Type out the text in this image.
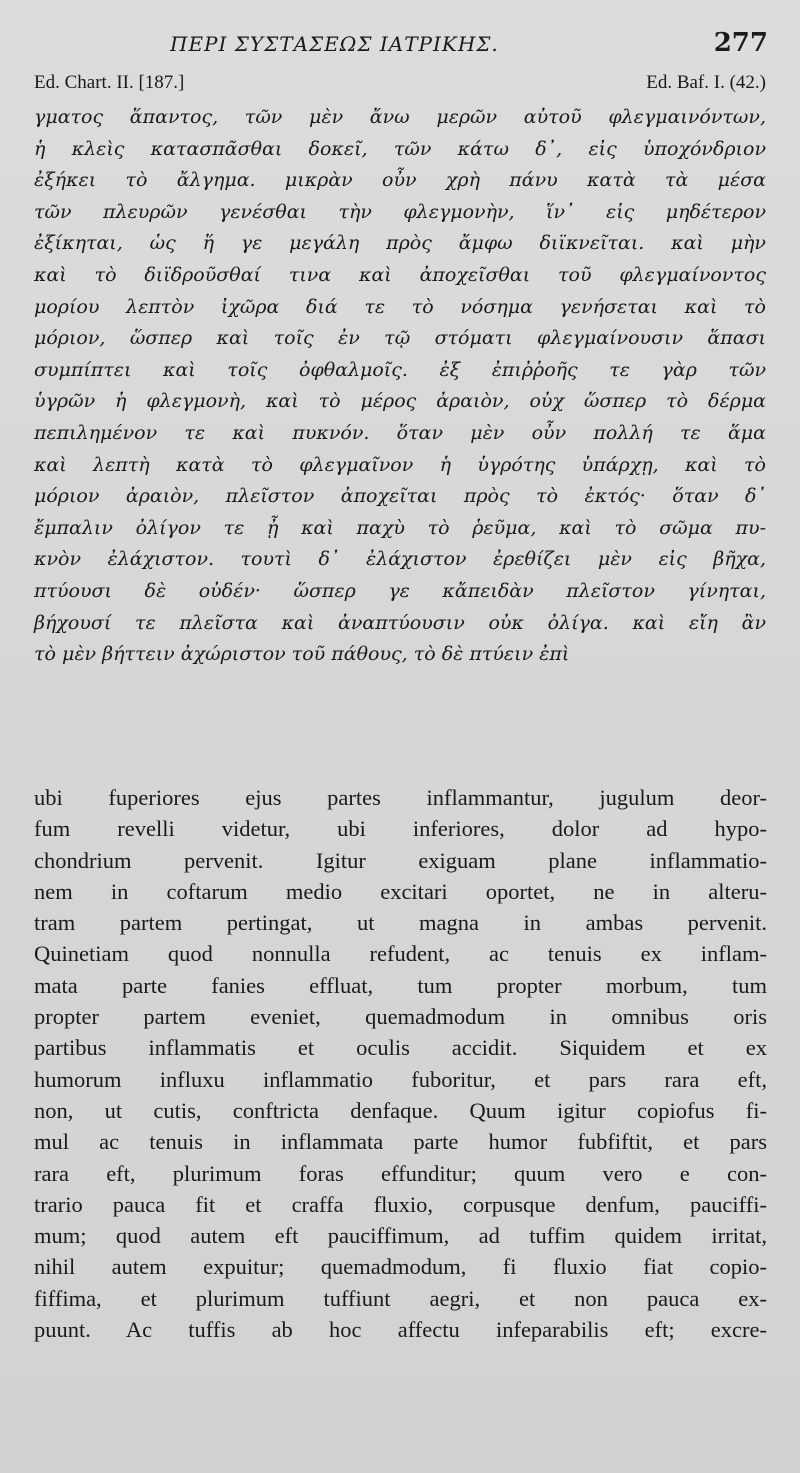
ΠΕΡΙ ΣΥΣΤΑΣΕΩΣ ΙΑΤΡΙΚΗΣ.	277
Ed. Chart. II. [187.]	Ed. Baf. I. (42.)
γματος ἅπαντος, τῶν μὲν ἄνω μερῶν αὐτοῦ φλεγμαινόντων,
ἡ κλεὶς κατασπᾶσθαι δοκεῖ, τῶν κάτω δ᾽, εἰς ὑποχόνδριον
ἐξήκει τὸ ἄλγημα. μικρὰν οὖν χρὴ πάνυ κατὰ τὰ μέσα
τῶν πλευρῶν γενέσθαι τὴν φλεγμονὴν, ἵν᾽ εἰς μηδέτερον
ἐξίκηται, ὡς ἥ γε μεγάλη πρὸς ἄμφω διϊκνεῖται. καὶ μὴν
καὶ τὸ διϊδροῦσθαί τινα καὶ ἀποχεῖσθαι τοῦ φλεγμαίνοντος
μορίου λεπτὸν ἰχῶρα διά τε τὸ νόσημα γενήσεται καὶ τὸ
μόριον, ὥσπερ καὶ τοῖς ἐν τῷ στόματι φλεγμαίνουσιν ἅπασι
συμπίπτει καὶ τοῖς ὀφθαλμοῖς. ἐξ ἐπιῤῥοῆς τε γὰρ τῶν
ὑγρῶν ἡ φλεγμονὴ, καὶ τὸ μέρος ἀραιὸν, οὐχ ὥσπερ τὸ δέρμα
πεπιλημένον τε καὶ πυκνόν. ὅταν μὲν οὖν πολλή τε ἅμα
καὶ λεπτὴ κατὰ τὸ φλεγμαῖνον ἡ ὑγρότης ὑπάρχῃ, καὶ τὸ
μόριον ἀραιὸν, πλεῖστον ἀποχεῖται πρὸς τὸ ἐκτός· ὅταν δ᾽
ἔμπαλιν ὀλίγον τε ᾖ καὶ παχὺ τὸ ῥεῦμα, καὶ τὸ σῶμα πυ-
κνὸν ἐλάχιστον. τουτὶ δ᾽ ἐλάχιστον ἐρεθίζει μὲν εἰς βῆχα,
πτύουσι δὲ οὐδέν· ὥσπερ γε κἄπειδὰν πλεῖστον γίνηται,
βήχουσί τε πλεῖστα καὶ ἀναπτύουσιν οὐκ ὀλίγα. καὶ εἴη ἂν
τὸ μὲν βήττειν ἀχώριστον τοῦ πάθους, τὸ δὲ πτύειν ἐπὶ
ubi fuperiores ejus partes inflammantur, jugulum deor-
fum revelli videtur, ubi inferiores, dolor ad hypo-
chondrium pervenit. Igitur exiguam plane inflammatio-
nem in coftarum medio excitari oportet, ne in alteru-
tram partem pertingat, ut magna in ambas pervenit.
Quinetiam quod nonnulla refudent, ac tenuis ex inflam-
mata parte fanies effluat, tum propter morbum, tum
propter partem eveniet, quemadmodum in omnibus oris
partibus inflammatis et oculis accidit. Siquidem et ex
humorum influxu inflammatio fuboritur, et pars rara eft,
non, ut cutis, conftricta denfaque. Quum igitur copiofus fi-
mul ac tenuis in inflammata parte humor fubfiftit, et pars
rara eft, plurimum foras effunditur; quum vero e con-
trario pauca fit et craffa fluxio, corpusque denfum, pauciffi-
mum; quod autem eft pauciffimum, ad tuffim quidem irritat,
nihil autem expuitur; quemadmodum, fi fluxio fiat copio-
fiffima, et plurimum tuffiunt aegri, et non pauca ex-
puunt. Ac tuffis ab hoc affectu infeparabilis eft; excre-
